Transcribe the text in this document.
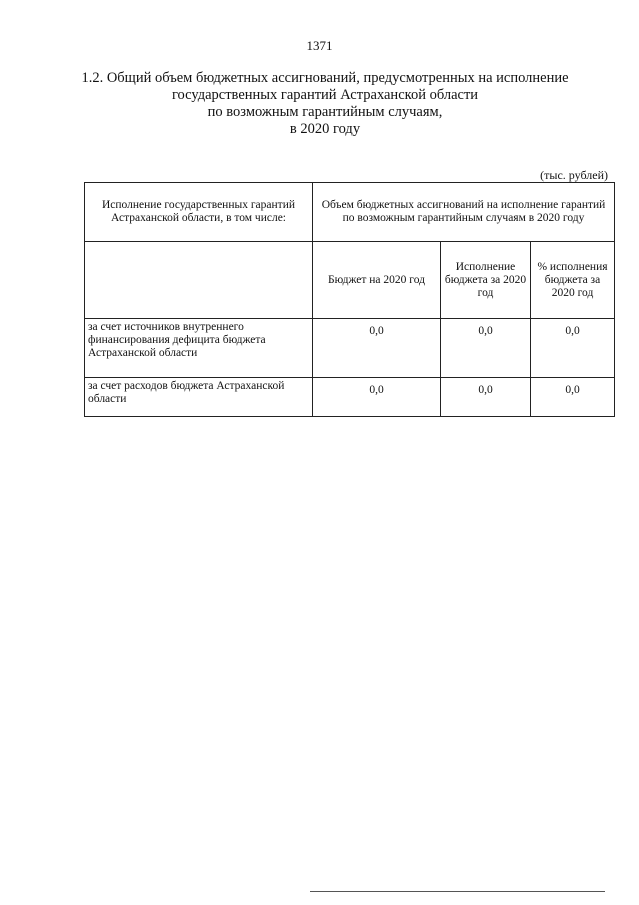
1371
1.2. Общий объем бюджетных ассигнований, предусмотренных на исполнение
государственных гарантий Астраханской области
по возможным гарантийным случаям,
в 2020 году
(тыс. рублей)
Исполнение государственных гарантий Астраханской области, в том числе:	Объем бюджетных ассигнований на исполнение гарантий по возможным гарантийным случаям в 2020 году		
	Бюджет на 2020 год	Исполнение бюджета за 2020 год	% исполнения бюджета за 2020 год
за счет источников внутреннего финансирования дефицита бюджета Астраханской области	0,0	0,0	0,0
за счет расходов бюджета Астраханской области	0,0	0,0	0,0
